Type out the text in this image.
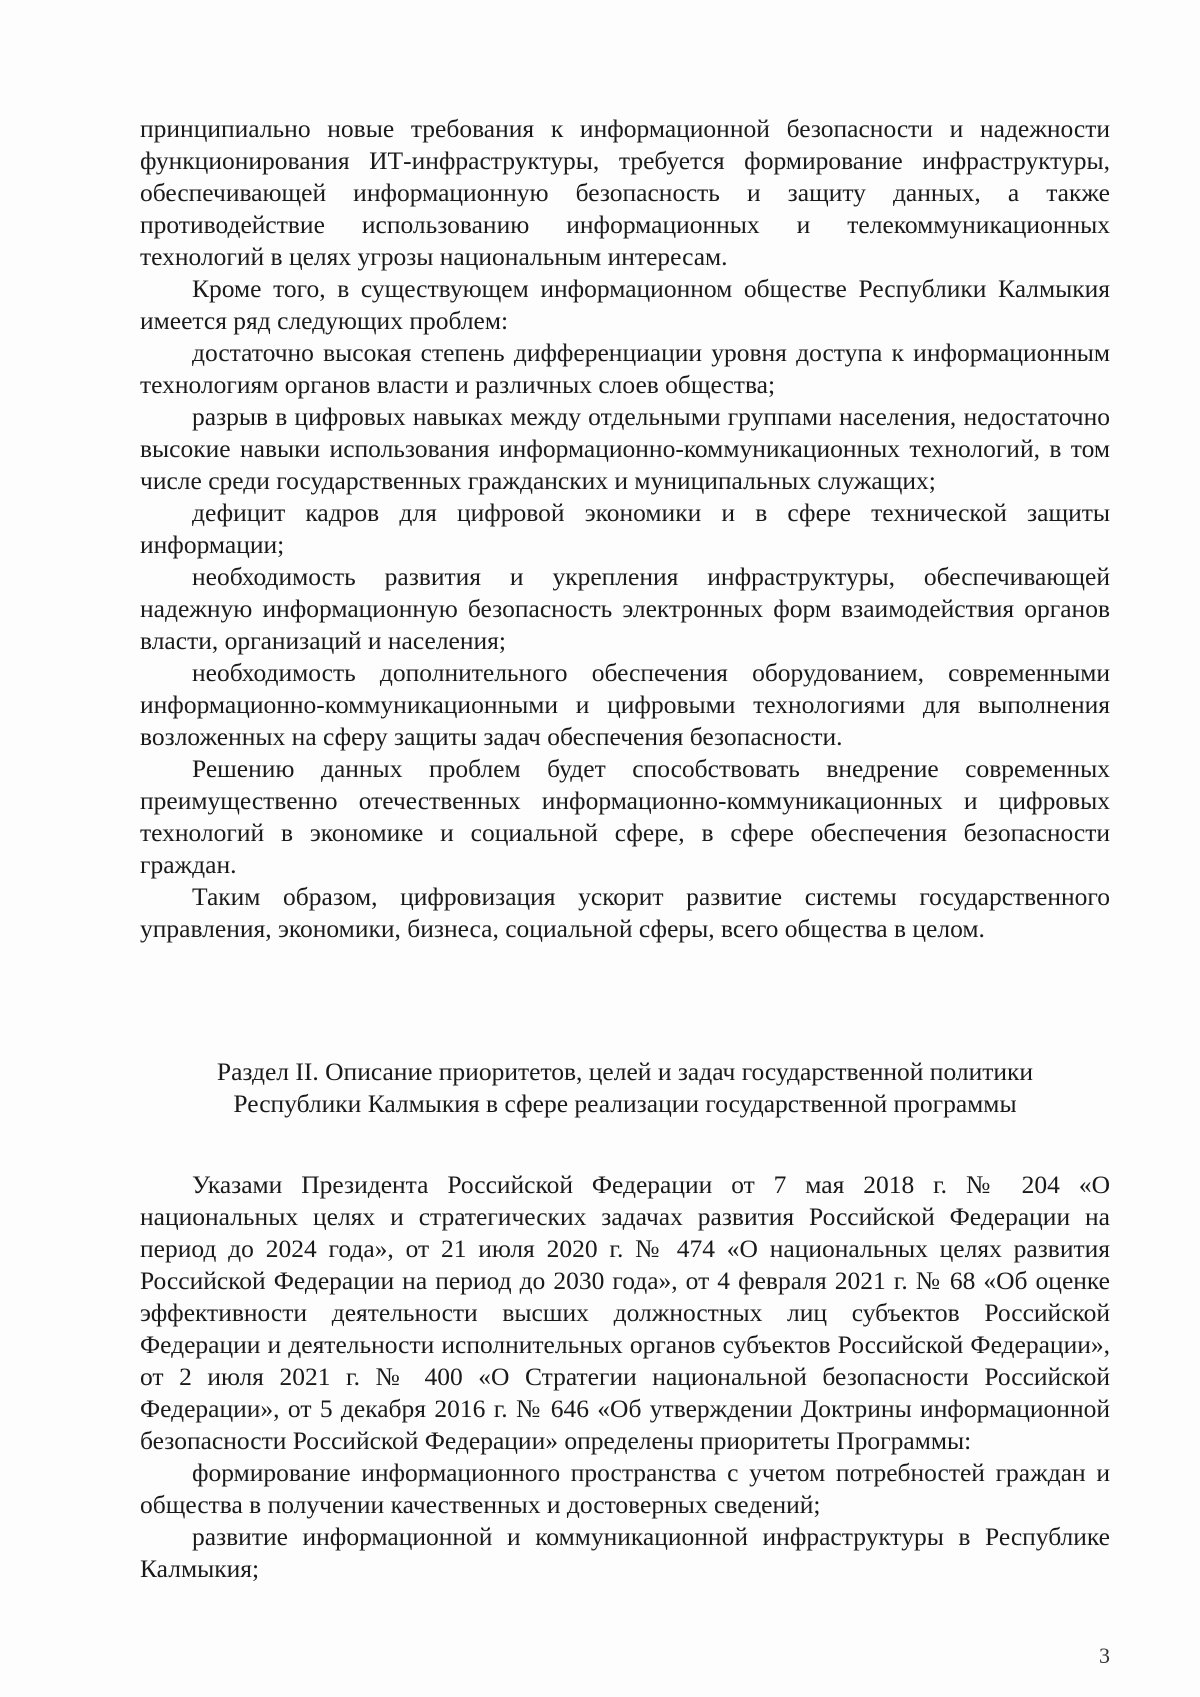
принципиально новые требования к информационной безопасности и надежности функционирования ИТ-инфраструктуры, требуется формирование инфраструктуры, обеспечивающей информационную безопасность и защиту данных, а также противодействие использованию информационных и телекоммуникационных технологий в целях угрозы национальным интересам.

Кроме того, в существующем информационном обществе Республики Калмыкия имеется ряд следующих проблем:

достаточно высокая степень дифференциации уровня доступа к информационным технологиям органов власти и различных слоев общества;

разрыв в цифровых навыках между отдельными группами населения, недостаточно высокие навыки использования информационно-коммуникационных технологий, в том числе среди государственных гражданских и муниципальных служащих;

дефицит кадров для цифровой экономики и в сфере технической защиты информации;

необходимость развития и укрепления инфраструктуры, обеспечивающей надежную информационную безопасность электронных форм взаимодействия органов власти, организаций и населения;

необходимость дополнительного обеспечения оборудованием, современными информационно-коммуникационными и цифровыми технологиями для выполнения возложенных на сферу защиты задач обеспечения безопасности.

Решению данных проблем будет способствовать внедрение современных преимущественно отечественных информационно-коммуникационных и цифровых технологий в экономике и социальной сфере, в сфере обеспечения безопасности граждан.

Таким образом, цифровизация ускорит развитие системы государственного управления, экономики, бизнеса, социальной сферы, всего общества в целом.

Раздел II. Описание приоритетов, целей и задач государственной политики

Республики Калмыкия в сфере реализации государственной программы

Указами Президента Российской Федерации от 7 мая 2018 г. № 204 «О национальных целях и стратегических задачах развития Российской Федерации на период до 2024 года», от 21 июля 2020 г. № 474 «О национальных целях развития Российской Федерации на период до 2030 года», от 4 февраля 2021 г. № 68 «Об оценке эффективности деятельности высших должностных лиц субъектов Российской Федерации и деятельности исполнительных органов субъектов Российской Федерации», от 2 июля 2021 г. № 400 «О Стратегии национальной безопасности Российской Федерации», от 5 декабря 2016 г. № 646 «Об утверждении Доктрины информационной безопасности Российской Федерации» определены приоритеты Программы:

формирование информационного пространства с учетом потребностей граждан и общества в получении качественных и достоверных сведений;

развитие информационной и коммуникационной инфраструктуры в Республике Калмыкия;

3
